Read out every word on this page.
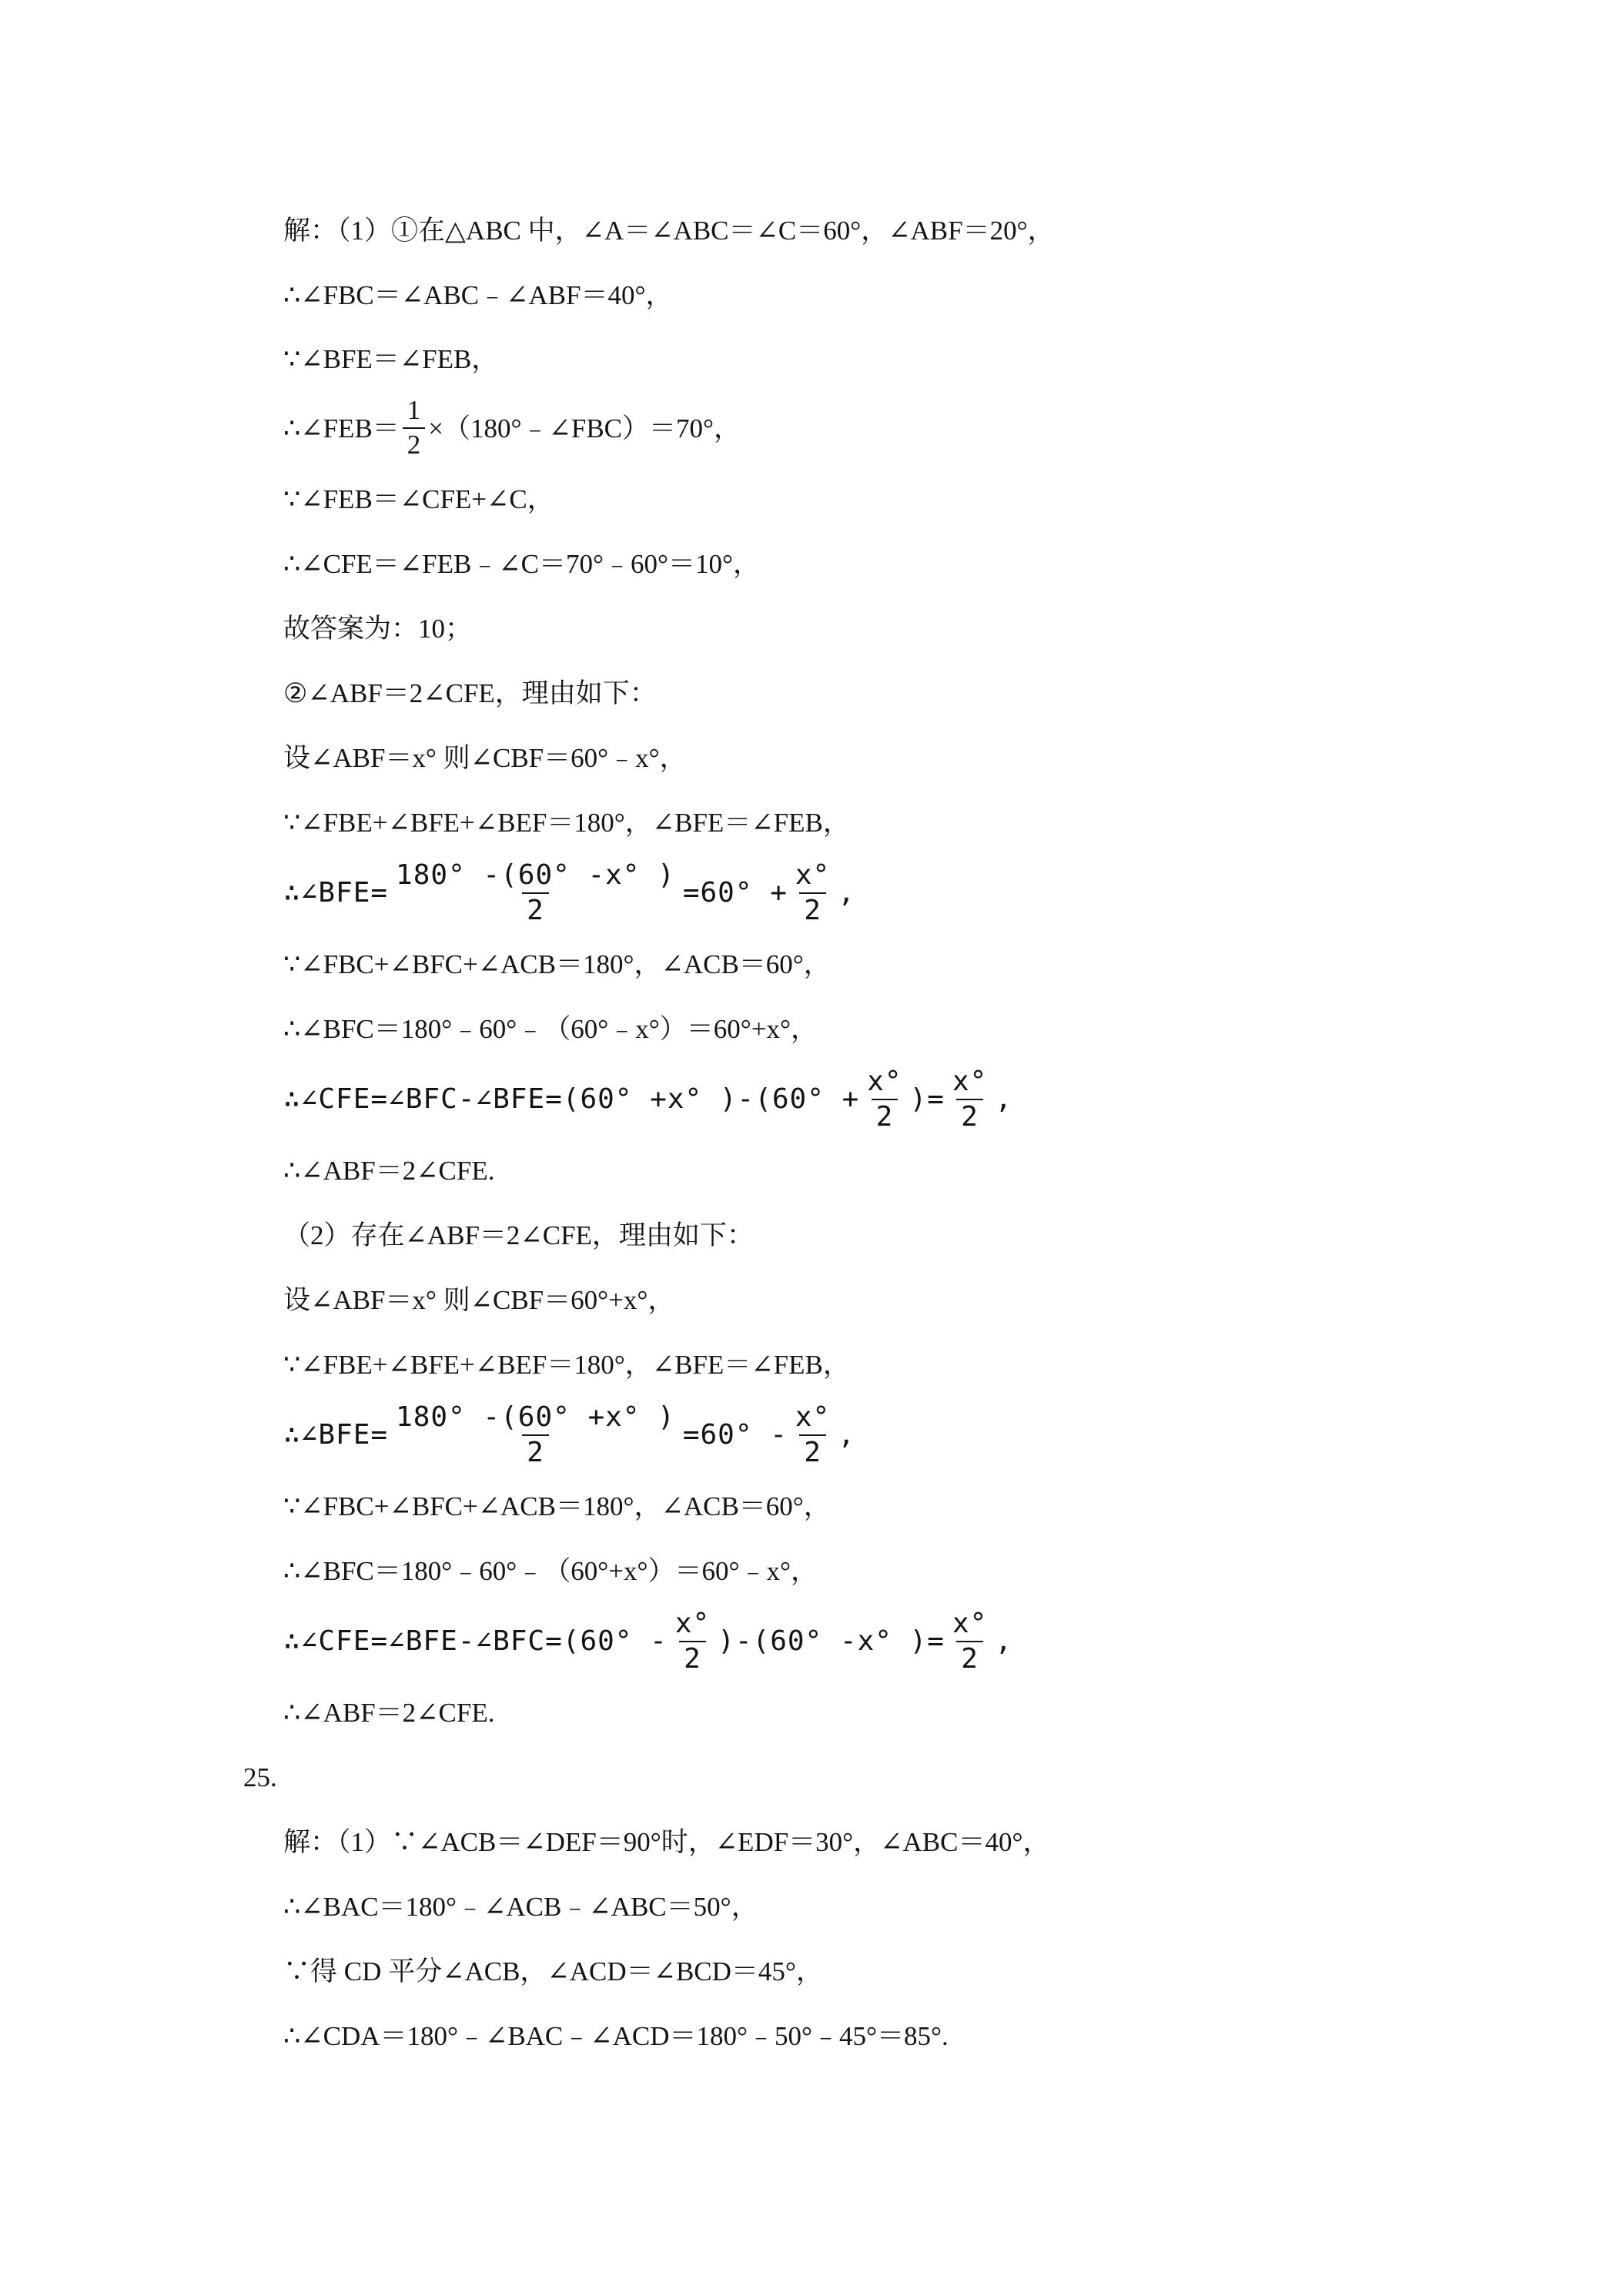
解：（1）①在△ABC 中，∠A＝∠ABC＝∠C＝60°，∠ABF＝20°，
∴∠FBC＝∠ABC﹣∠ABF＝40°，
∵∠BFE＝∠FEB，
∴∠FEB＝ $\frac{1}{2}$ ×（180°﹣∠FBC）＝70°，
∵∠FEB＝∠CFE+∠C，
∴∠CFE＝∠FEB﹣∠C＝70°﹣60°＝10°，
故答案为：10；
②∠ABF＝2∠CFE，理由如下：
设∠ABF＝x° 则∠CBF＝60°﹣x°，
∵∠FBE+∠BFE+∠BEF＝180°，∠BFE＝∠FEB，
∴∠BFE= $\frac{180^\circ -(60^\circ -x^\circ )}{2} =60^\circ + \frac{x^\circ}{2}$ ,
∵∠FBC+∠BFC+∠ACB＝180°，∠ACB＝60°，
∴∠BFC＝180°﹣60°﹣（60°﹣x°）＝60°+x°，
∴∠CFE=∠BFC-∠BFE=(60° +x° )$-(60^\circ + \frac{x^\circ}{2}$ )= $\frac{x^\circ}{2}$ ,
∴∠ABF＝2∠CFE.
（2）存在∠ABF＝2∠CFE，理由如下：
设∠ABF＝x° 则∠CBF＝60°+x°，
∵∠FBE+∠BFE+∠BEF＝180°，∠BFE＝∠FEB，
∴∠BFE= $\frac{180^\circ -(60^\circ +x^\circ )}{2} =60^\circ - \frac{x^\circ}{2}$ ,
∵∠FBC+∠BFC+∠ACB＝180°，∠ACB＝60°，
∴∠BFC＝180°﹣60°﹣（60°+x°）＝60°﹣x°，
∴∠CFE=∠BFE-∠BFC=(60° - $\frac{x^\circ}{2} )-(60^\circ$ -x° )= $\frac{x^\circ}{2}$ ,
∴∠ABF＝2∠CFE.
25.
解：（1）∵∠ACB＝∠DEF＝90°时，∠EDF＝30°，∠ABC＝40°，
∴∠BAC＝180°﹣∠ACB﹣∠ABC＝50°，
∵得 CD 平分∠ACB，∠ACD＝∠BCD＝45°，
∴∠CDA＝180°﹣∠BAC﹣∠ACD＝180°﹣50°﹣45°＝85°.
